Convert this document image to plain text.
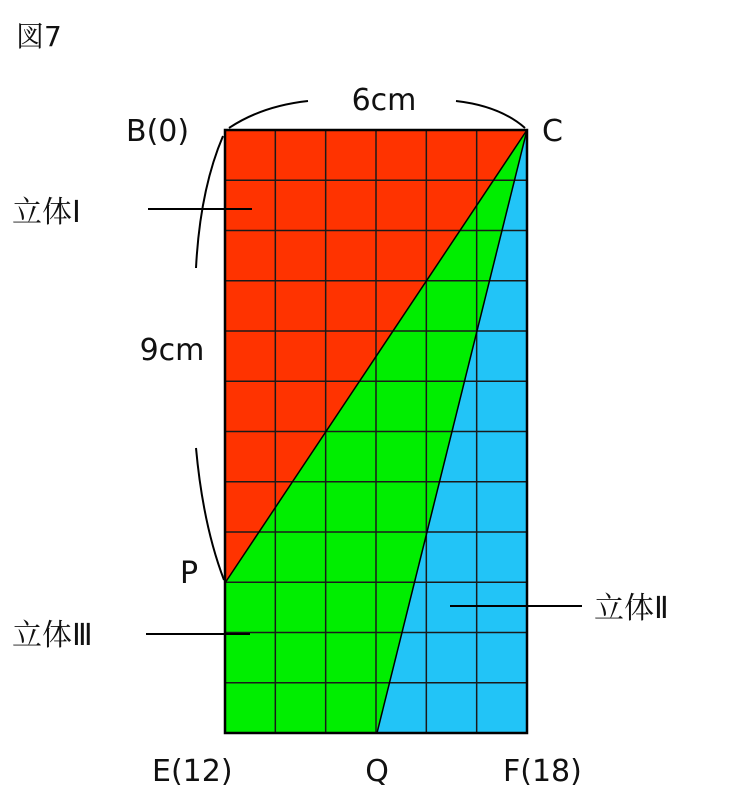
図7
6cm
9cm
B(0)	C
P
E(12)	Q	F(18)
立体Ⅰ
立体Ⅱ
立体Ⅲ
